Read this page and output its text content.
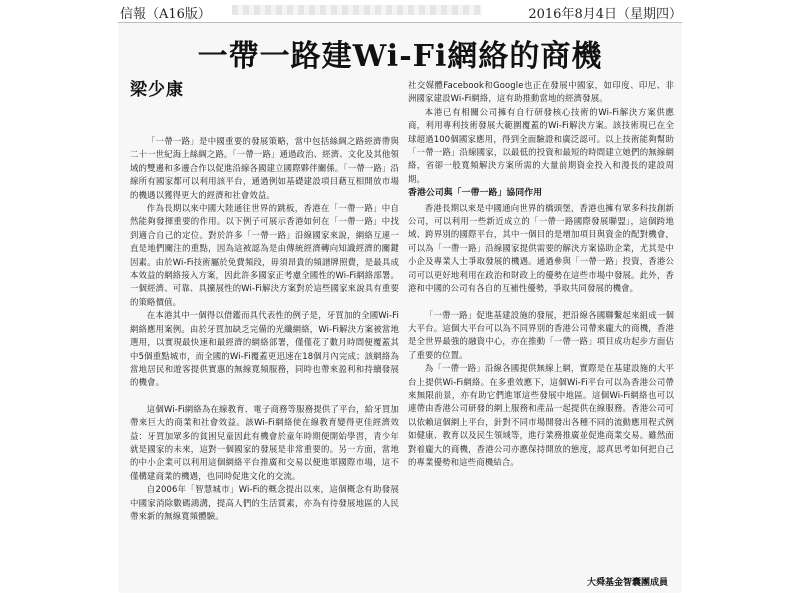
信報（A16版）	2016年8月4日（星期四）
一帶一路建Wi-Fi網絡的商機
梁少康

「一帶一路」是中國重要的發展策略，當中包括絲綢之路經濟帶與二十一世紀海上絲綢之路。「一帶一路」通過政治、經濟、文化及其他領域的雙邊和多邊合作以促進沿線各國建立國際夥伴關係。「一帶一路」沿線所有國家都可以利用該平台，通過例如基礎建設項目藉互相開放市場的機遇以獲得更大的經濟和社會效益。

作為長期以來中國大陸通往世界的跳板，香港在「一帶一路」中自然能夠發揮重要的作用。以下例子可展示香港如何在「一帶一路」中找到適合自己的定位。對於許多「一帶一路」沿線國家來說，網絡互連一直是地們關注的重點，因為這被認為是由傳統經濟轉向知識經濟的關鍵因素。由於Wi-Fi技術屬於免費頻段，毋須昂貴的頻譜牌照費，是最具成本效益的網絡接入方案，因此許多國家正考慮全國性的Wi-Fi網絡部署。一個經濟、可靠、具擴展性的Wi-Fi解決方案對於這些國家來說具有重要的策略價值。

在本港其中一個得以借鑑而具代表性的例子是，牙買加的全國Wi-Fi網絡應用案例。由於牙買加缺乏完備的光纖網絡，Wi-Fi解決方案被當地選用，以實現最快速和最經濟的網絡部署，僅僅花了數月時間便覆蓋其中5個重點城市，而全國的Wi-Fi覆蓋更迅速在18個月內完成；該網絡為當地居民和遊客提供實惠的無線寬頻服務，同時也帶來盈利和持續發展的機會。

這個Wi-Fi網絡為在線教育、電子商務等服務提供了平台，給牙買加帶來巨大的商業和社會效益。該Wi-Fi網絡使在線教育變得更佳經濟效益：牙買加眾多的貧困兒童因此有機會於童年時期便開始學習，青少年就是國家的未來，這對一個國家的發展是非常重要的。另一方面，當地的中小企業可以利用這個網絡平台推廣和交易以便進軍國際市場，這不僅構建商業的機遇，也同時促進文化的交流。

自2006年「智慧城市」Wi-Fi的概念提出以來，這個概念有助發展中國家消除數碼鴻溝，提高人們的生活質素，亦為有待發展地區的人民帶來新的無線寬頻體驗。

社交媒體Facebook和Google也正在發展中國家，如印度、印尼、非洲國家建設Wi-Fi網絡，這有助推動當地的經濟發展。

本港已有相關公司擁有自行研發核心技術的Wi-Fi解決方案供應商，利用專利技術發展大範圍覆蓋的Wi-Fi解決方案。該技術現已在全球超過100個國家應用，得到全面驗證和廣泛認可。以上技術能夠幫助「一帶一路」沿線國家，以最低的投資和最短的時間建立她們的無線網絡，省卻一般寬頻解決方案所需的大量前期資金投入和漫長的建設周期。

香港公司與「一帶一路」協同作用

香港長期以來是中國通向世界的橋頭堡，香港也擁有眾多科技創新公司，可以利用一些新近成立的「一帶一路國際發展聯盟」，這個跨地域、跨界別的國際平台，其中一個目的是增加項目與資金的配對機會，可以為「一帶一路」沿線國家提供需要的解決方案協助企業，尤其是中小企及專業人士爭取發展的機遇。通過參與「一帶一路」投資，香港公司可以更好地利用在政治和財政上的優勢在這些市場中發展。此外，香港和中國的公司有各自的互補性優勢，爭取共同發展的機會。

「一帶一路」促進基建設施的發展，把沿線各國聯繫起來組成一個大平台。這個大平台可以為不同界別的香港公司帶來龐大的商機，香港是全世界最強的融資中心，亦在推動「一帶一路」項目成功起步方面佔了重要的位置。

為「一帶一路」沿線各國提供無線上網，實際是在基建設施的大平台上提供Wi-Fi網絡。在多重效應下，這個Wi-Fi平台可以為香港公司帶來無限前景，亦有助它們進軍這些發展中地區。這個Wi-Fi網絡也可以連帶由香港公司研發的網上服務和產品一起提供在線服務。香港公司可以依賴這個網上平台，針對不同市場開發出各種不同的流動應用程式例如健康、教育以及民生領域等，進行業務推廣並促進商業交易。雖然面對着龐大的商機，香港公司亦應保持開放的態度，認真思考如何把自己的專業優勢和這些商機結合。

大舜基金智囊團成員
